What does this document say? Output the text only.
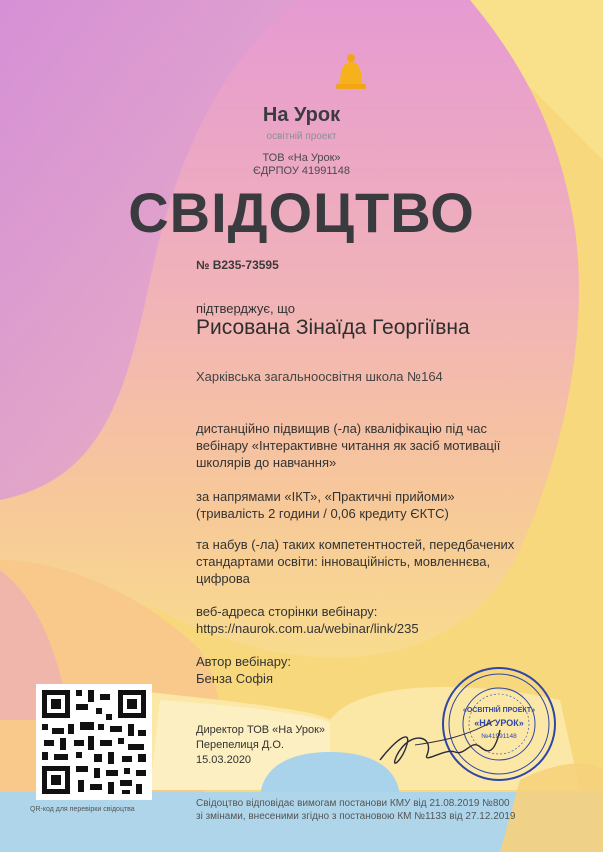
На Урок
освітній проект
ТОВ «На Урок»
ЄДРПОУ 41991148
СВІДОЦТВО
№ B235-73595
підтверджує, що
Рисована Зінаїда Георгіївна
Харківська загальноосвітня школа №164
дистанційно підвищив (-ла) кваліфікацію під час
вебінару «Інтерактивне читання як засіб мотивації
школярів до навчання»
за напрямами «ІКТ», «Практичні прийоми»
(тривалість 2 години / 0,06 кредиту ЄКТС)
та набув (-ла) таких компетентностей, передбачених
стандартами освіти: інноваційність, мовленнєва,
цифрова
веб-адреса сторінки вебінару:
https://naurok.com.ua/webinar/link/235
Автор вебінару:
Бенза Софія
Директор ТОВ «На Урок»
Перепелиця Д.О.
15.03.2020
«ОСВІТНІЙ ПРОЕКТ»
«НА УРОК»
№41991148
QR-код для перевірки свідоцтва
Свідоцтво відповідає вимогам постанови КМУ від 21.08.2019 №800
зі змінами, внесеними згідно з постановою КМ №1133 від 27.12.2019
